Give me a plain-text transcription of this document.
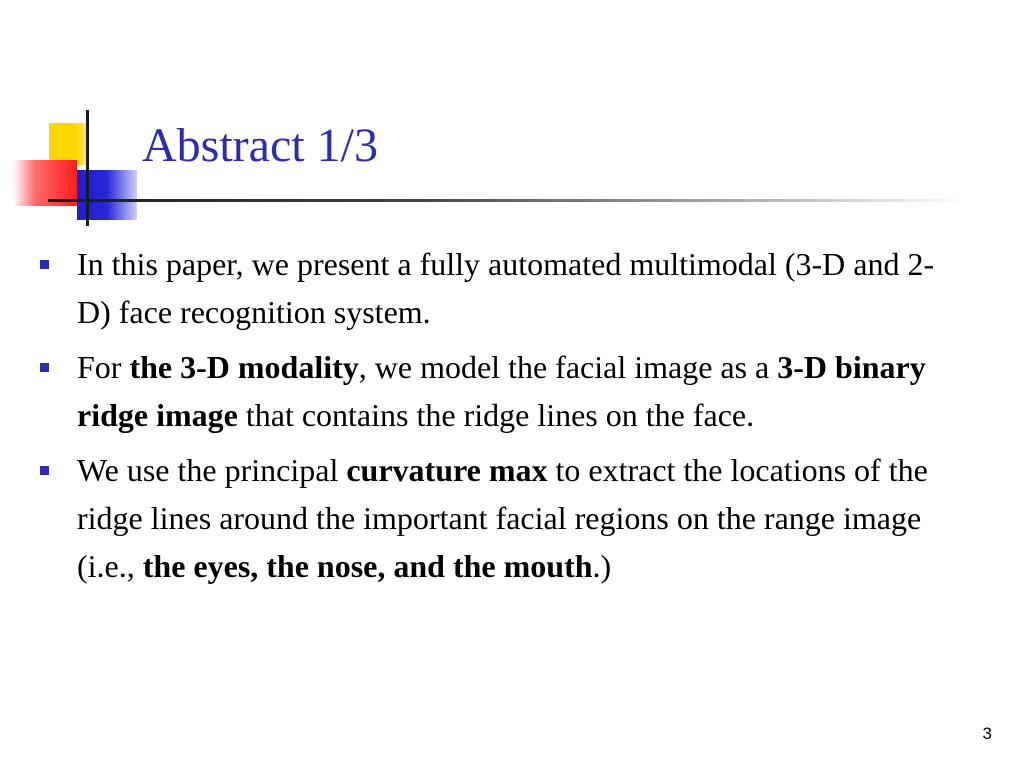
Abstract 1/3
In this paper, we present a fully automated multimodal (3-D and 2-D) face recognition system.
For the 3-D modality, we model the facial image as a 3-D binary ridge image that contains the ridge lines on the face.
We use the principal curvature max to extract the locations of the ridge lines around the important facial regions on the range image (i.e., the eyes, the nose, and the mouth.)
3
